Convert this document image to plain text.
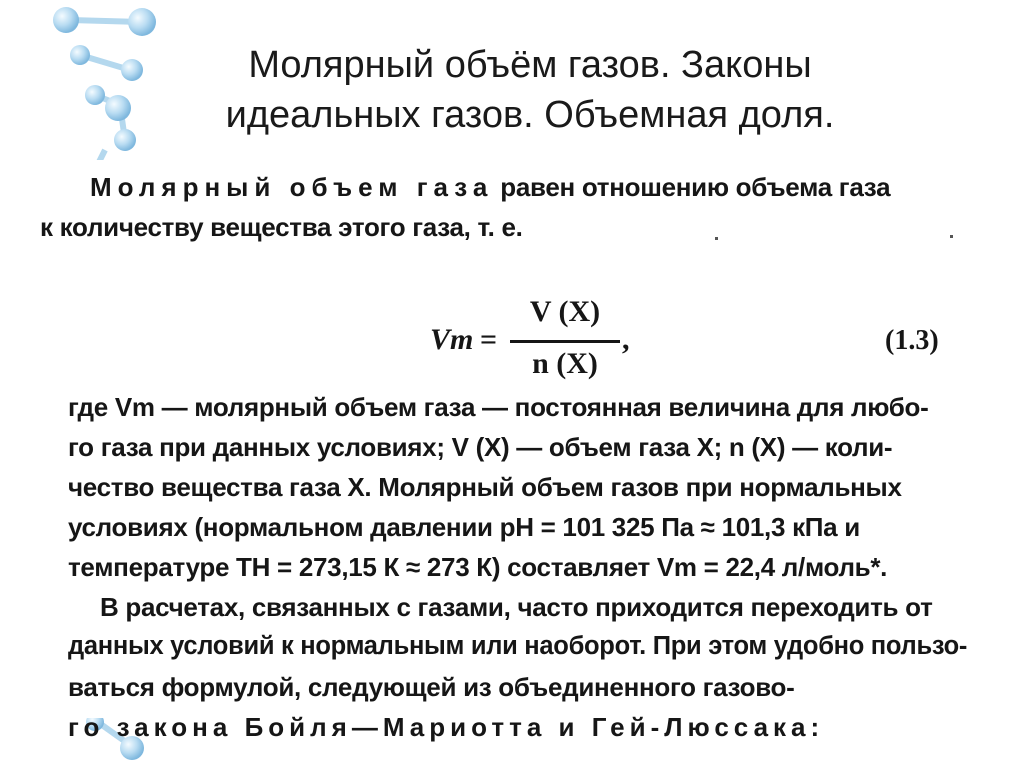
Молярный объём газов. Законы
идеальных газов. Объемная доля.
Молярный объем газа равен отношению объема газа
к количеству вещества этого газа, т. е.
Vm =
V (X)
n (X)
,	(1.3)
где Vm — молярный объем газа — постоянная величина для любо-
го газа при данных условиях; V (X) — объем газа X; n (X) — коли-
чество вещества газа X. Молярный объем газов при нормальных
условиях (нормальном давлении pН = 101 325 Па ≈ 101,3 кПа и
температуре TН = 273,15 К ≈ 273 К) составляет Vm = 22,4 л/моль*.
В расчетах, связанных с газами, часто приходится переходить от
данных условий к нормальным или наоборот. При этом удобно пользо-
ваться формулой, следующей из объединенного газово-
го закона Бойля—Мариотта и Гей-Люссака:
